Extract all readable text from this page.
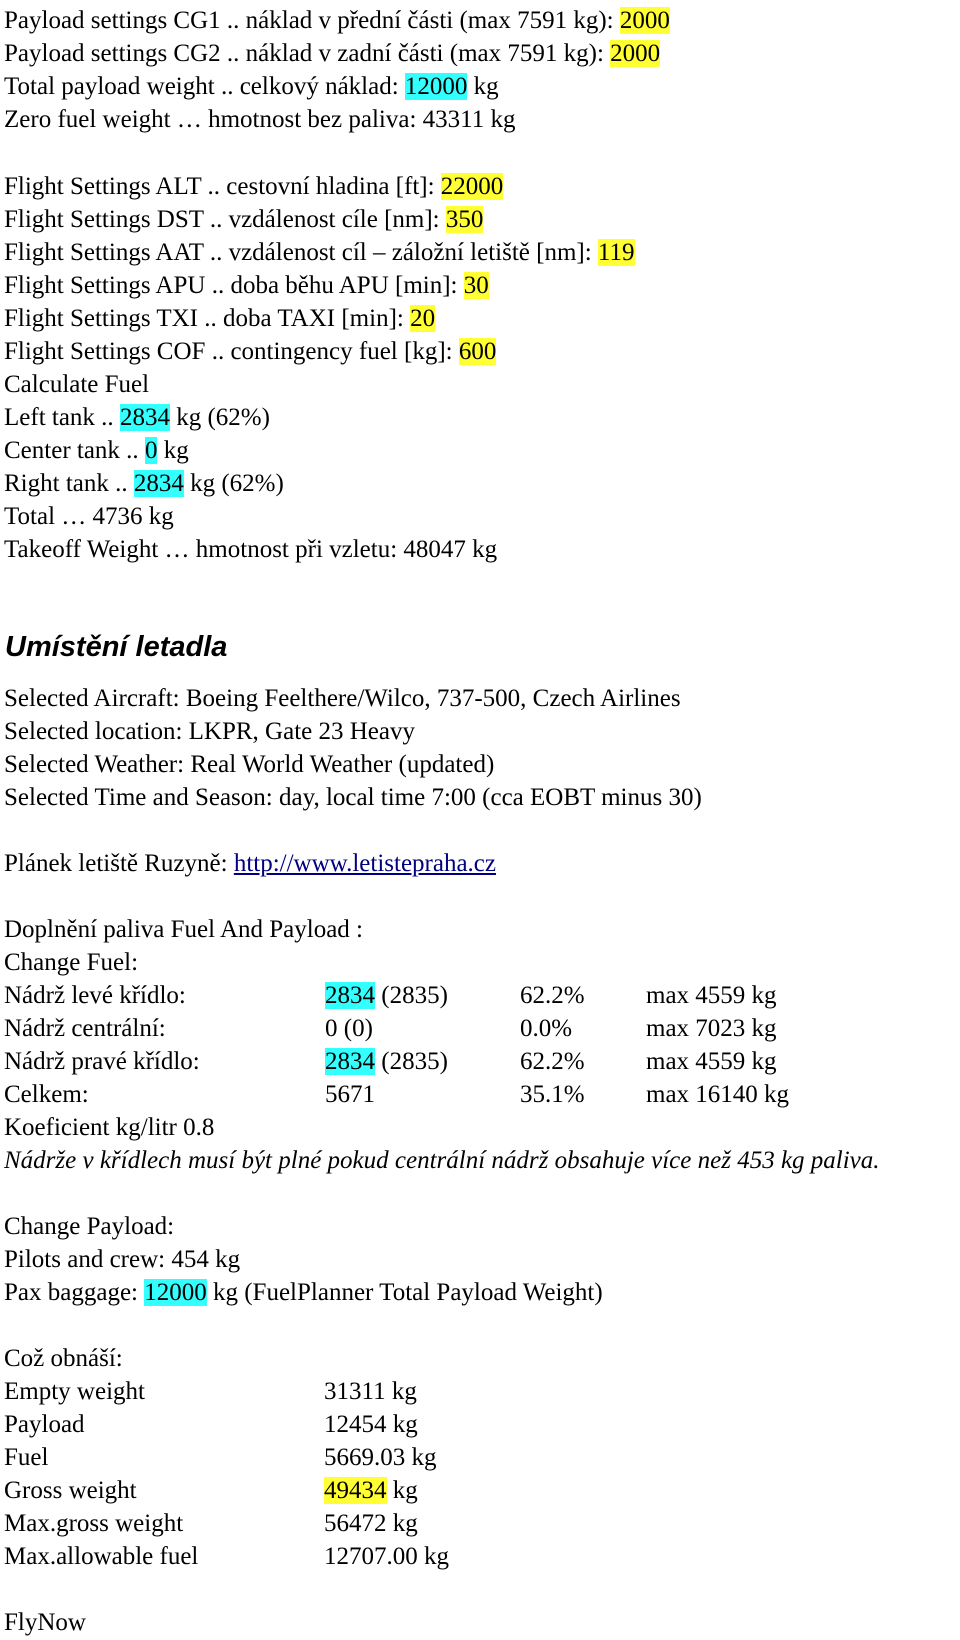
Payload settings CG1 .. náklad v přední části (max 7591 kg): 2000
Payload settings CG2 .. náklad v zadní části (max 7591 kg): 2000
Total payload weight .. celkový náklad: 12000 kg
Zero fuel weight … hmotnost bez paliva: 43311 kg
Flight Settings ALT .. cestovní hladina [ft]: 22000
Flight Settings DST .. vzdálenost cíle [nm]: 350
Flight Settings AAT .. vzdálenost cíl – záložní letiště [nm]: 119
Flight Settings APU .. doba běhu APU [min]: 30
Flight Settings TXI .. doba TAXI [min]: 20
Flight Settings COF .. contingency fuel [kg]: 600
Calculate Fuel
Left tank .. 2834 kg (62%)
Center tank .. 0 kg
Right tank .. 2834 kg (62%)
Total … 4736 kg
Takeoff Weight … hmotnost při vzletu: 48047 kg
Umístění letadla
Selected Aircraft: Boeing Feelthere/Wilco, 737-500, Czech Airlines
Selected location: LKPR, Gate 23 Heavy
Selected Weather: Real World Weather (updated)
Selected Time and Season: day, local time 7:00 (cca EOBT minus 30)
Plánek letiště Ruzyně: http://www.letistepraha.cz
Doplnění paliva Fuel And Payload :
Change Fuel:
Nádrž levé křídlo:	2834 (2835)	62.2% max 4559 kg
Nádrž centrální:	0 (0)	0.0%	max 7023 kg
Nádrž pravé křídlo:	2834 (2835)	62.2% max 4559 kg
Celkem:	5671	35.1% max 16140 kg
Koeficient kg/litr 0.8
Nádrže v křídlech musí být plné pokud centrální nádrž obsahuje více než 453 kg paliva.
Change Payload:
Pilots and crew: 454 kg
Pax baggage: 12000 kg (FuelPlanner Total Payload Weight)
Což obnáší:
Empty weight	31311 kg
Payload	12454 kg
Fuel	5669.03 kg
Gross weight	49434 kg
Max.gross weight	56472 kg
Max.allowable fuel	12707.00 kg
FlyNow
